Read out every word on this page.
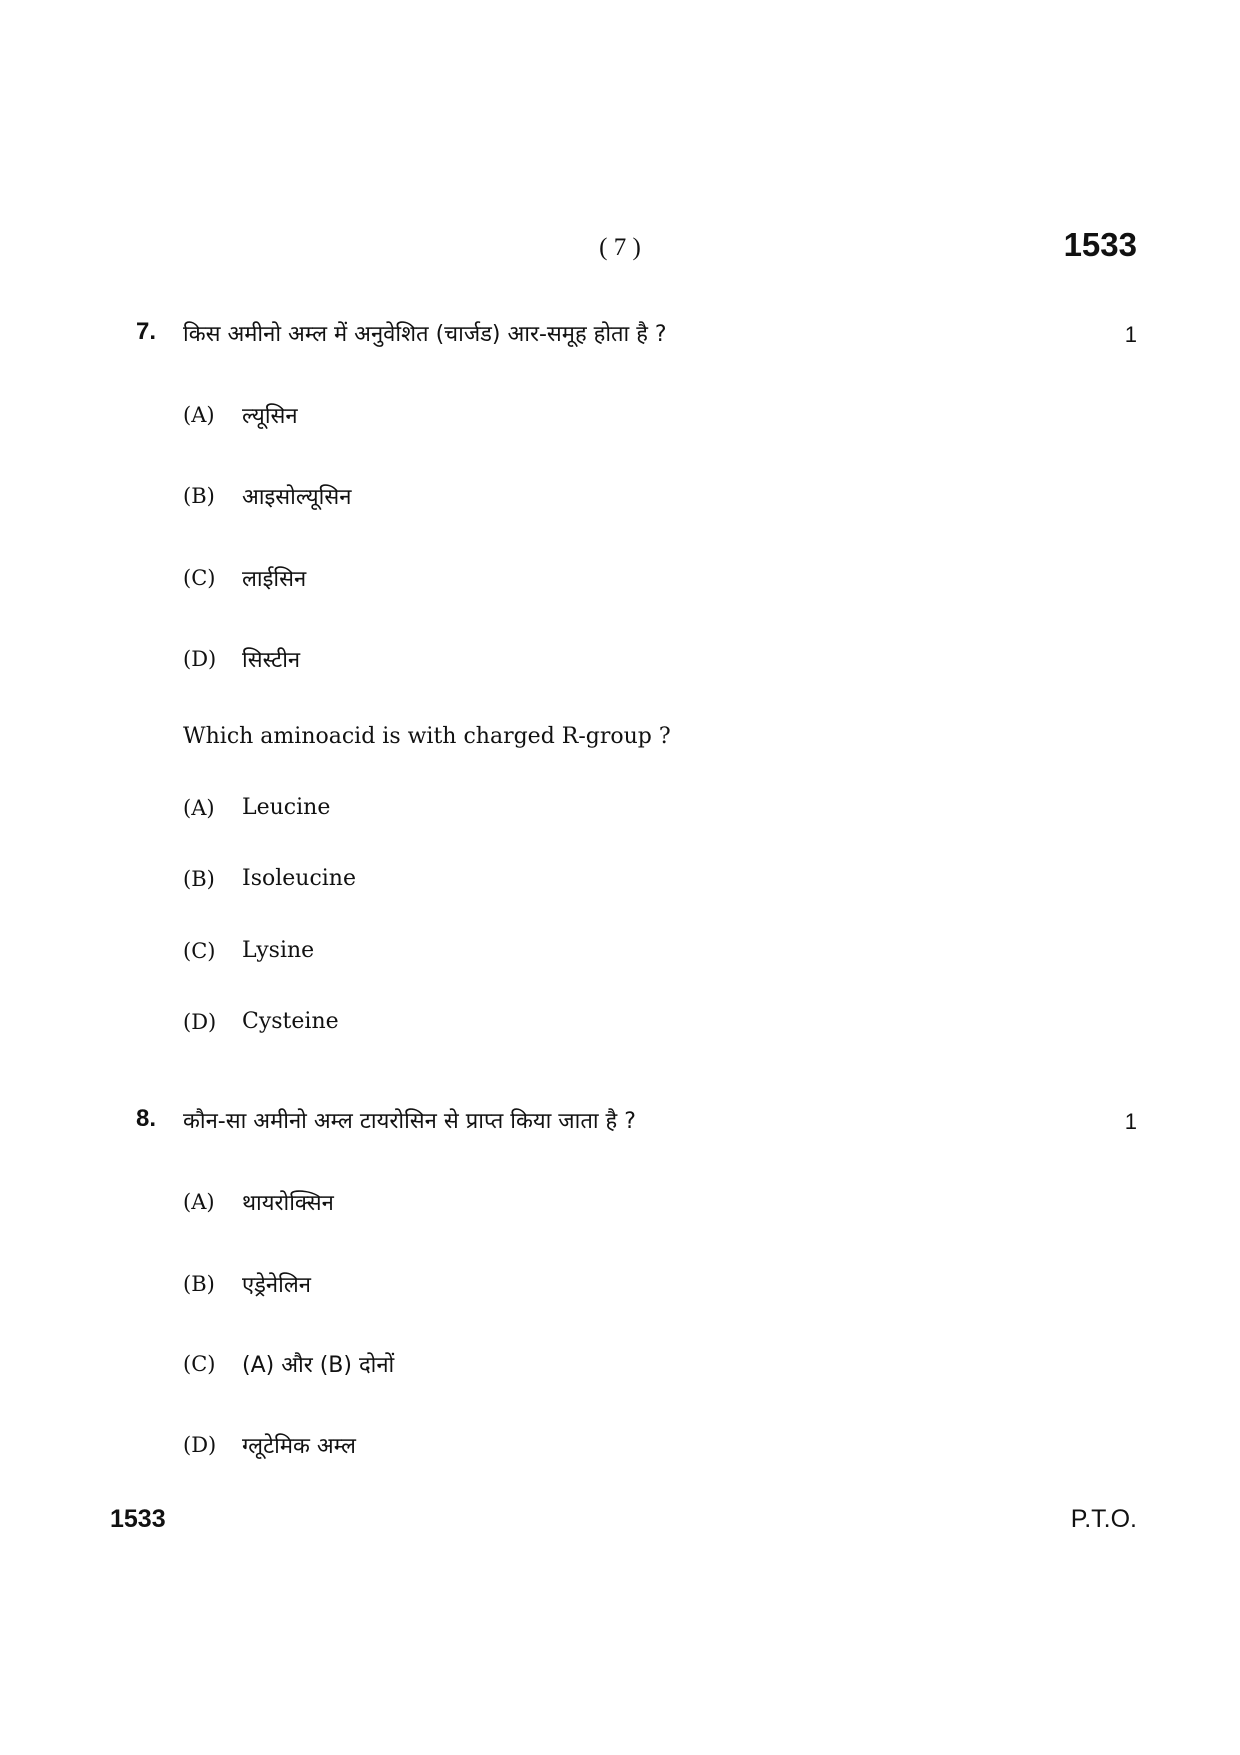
( 7 )	1533
7. किस अमीनो अम्ल में अनुवेशित (चार्जड) आर-समूह होता है ?	1
(A) ल्यूसिन
(B) आइसोल्यूसिन
(C) लाईसिन
(D) सिस्टीन
Which aminoacid is with charged R-group ?
(A) Leucine
(B) Isoleucine
(C) Lysine
(D) Cysteine
8. कौन-सा अमीनो अम्ल टायरोसिन से प्राप्त किया जाता है ?	1
(A) थायरोक्सिन
(B) एड्रेनेलिन
(C) (A) और (B) दोनों
(D) ग्लूटेमिक अम्ल
1533	P.T.O.
